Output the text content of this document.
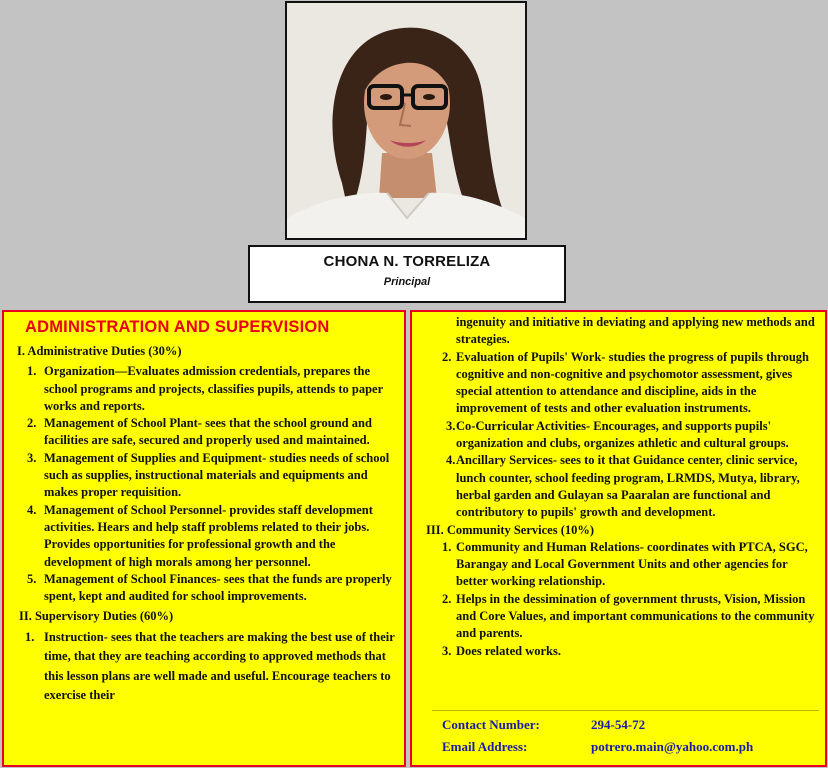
CHONA N. TORRELIZA
Principal
ADMINISTRATION AND SUPERVISION
I. Administrative Duties (30%)
1. Organization—Evaluates admission credentials, prepares the school programs and projects, classifies pupils, attends to paper works and reports.
2. Management of School Plant- sees that the school ground and facilities are safe, secured and properly used and maintained.
3. Management of Supplies and Equipment- studies needs of school such as supplies, instructional materials and equipments and makes proper requisition.
4. Management of School Personnel- provides staff development activities. Hears and help staff problems related to their jobs. Provides opportunities for professional growth and the development of high morals among her personnel.
5. Management of School Finances- sees that the funds are properly spent, kept and audited for school improvements.
II. Supervisory Duties (60%)
1. Instruction- sees that the teachers are making the best use of their time, that they are teaching according to approved methods that this lesson plans are well made and useful. Encourage teachers to exercise their
ingenuity and initiative in deviating and applying new methods and strategies.
2. Evaluation of Pupils' Work- studies the progress of pupils through cognitive and non-cognitive and psychomotor assessment, gives special attention to attendance and discipline, aids in the improvement of tests and other evaluation instruments.
3. Co-Curricular Activities- Encourages, and supports pupils' organization and clubs, organizes athletic and cultural groups.
4. Ancillary Services- sees to it that Guidance center, clinic service, lunch counter, school feeding program, LRMDS, Mutya, library, herbal garden and Gulayan sa Paaralan are functional and contributory to pupils' growth and development.
III. Community Services (10%)
1. Community and Human Relations- coordinates with PTCA, SGC, Barangay and Local Government Units and other agencies for better working relationship.
2. Helps in the dessimination of government thrusts, Vision, Mission and Core Values, and important communications to the community and parents.
3. Does related works.
Contact Number:	294-54-72
Email Address:	potrero.main@yahoo.com.ph
